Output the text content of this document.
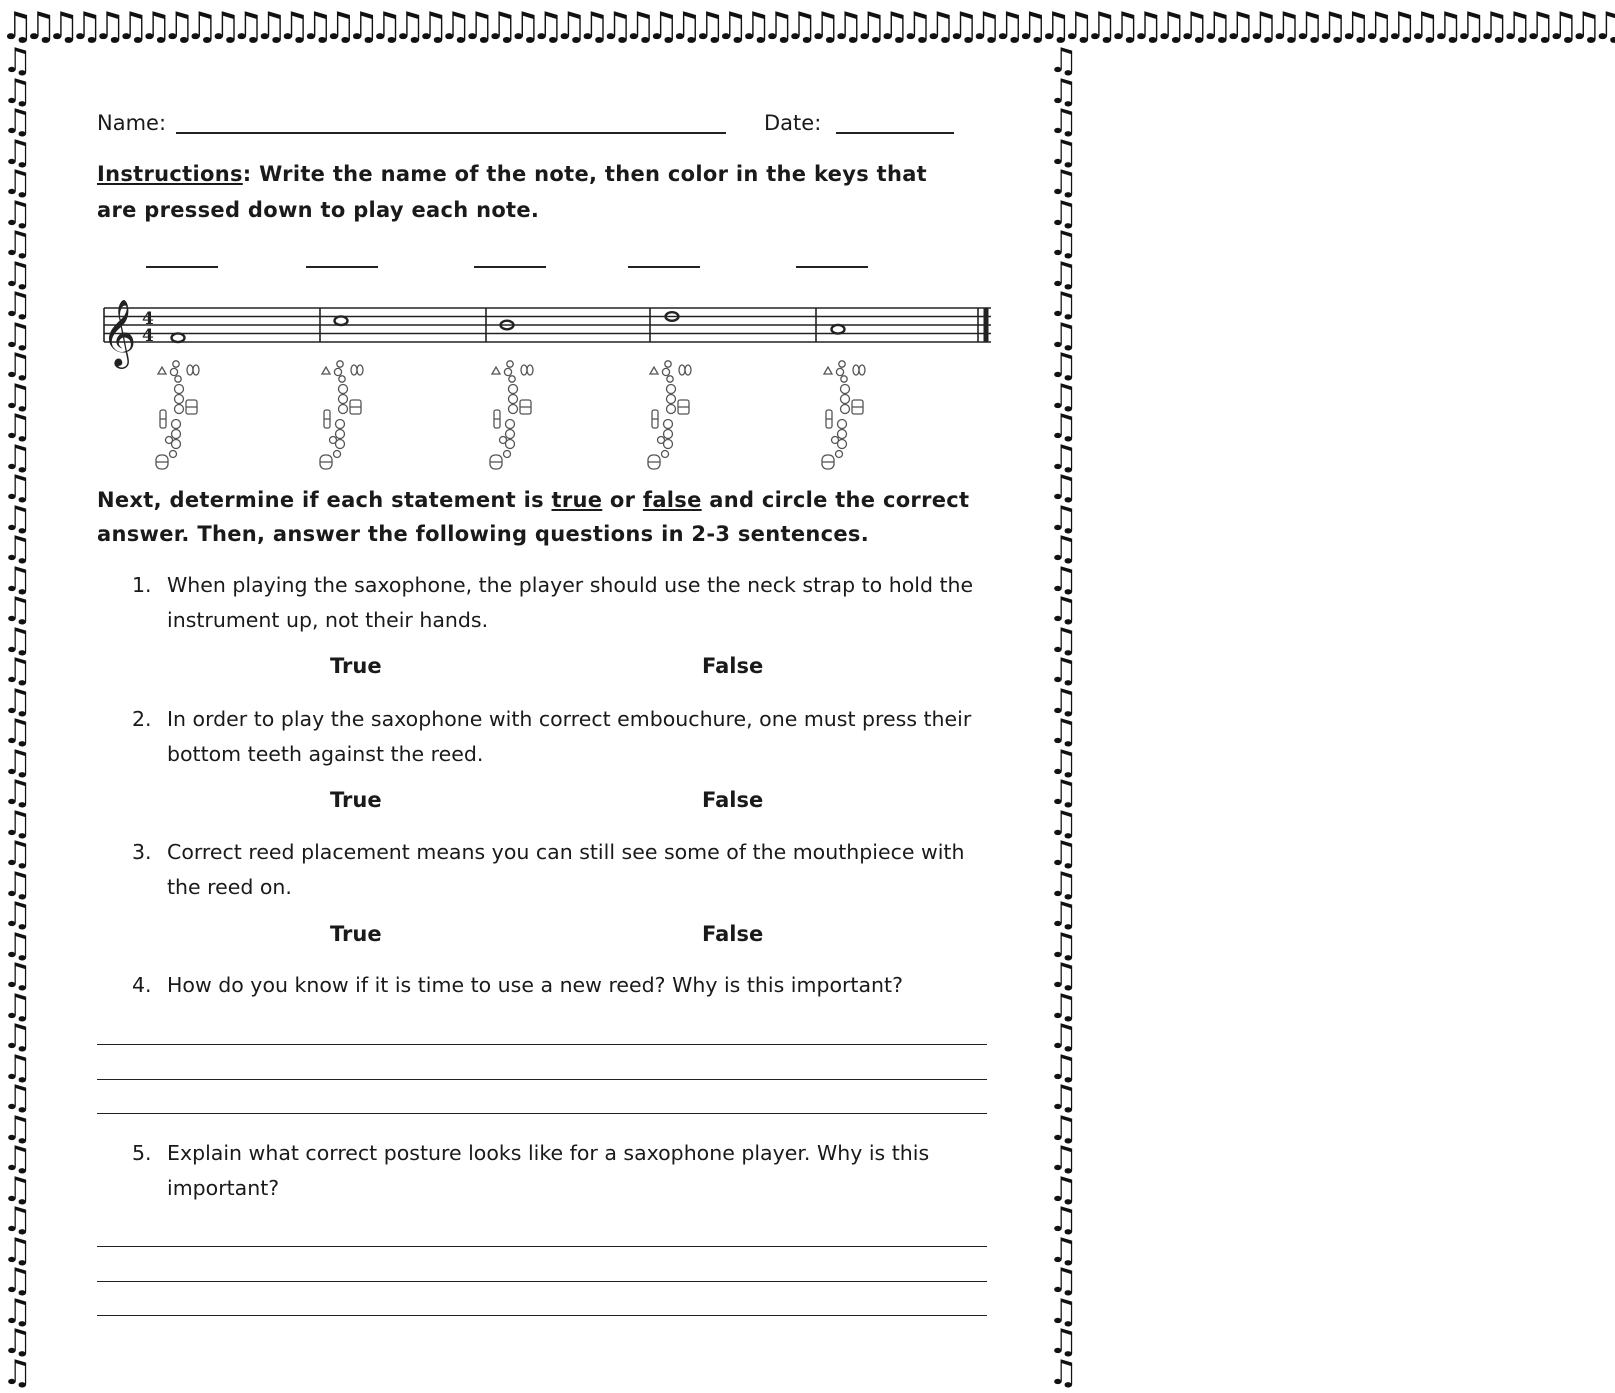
♫♫♫♫♫♫♫♫♫♫♫♫♫♫♫♫♫♫♫♫♫♫♫♫♫♫♫♫♫♫♫♫♫♫♫♫♫♫♫♫♫♫♫♫♫♫♫♫♫♫♫♫♫♫♫♫♫♫♫♫♫♫♫♫♫♫♫♫♫♫
♫ ♫ ♫ ♫ ♫ ♫ ♫ ♫ ♫ ♫ ♫ ♫ ♫ ♫ ♫ ♫ ♫ ♫ ♫ ♫ ♫ ♫ ♫ ♫ ♫ ♫ ♫ ♫ ♫ ♫ ♫ ♫ ♫ ♫ ♫ ♫ ♫ ♫ ♫ ♫ ♫ ♫ ♫ ♫
♫ ♫ ♫ ♫ ♫ ♫ ♫ ♫ ♫ ♫ ♫ ♫ ♫ ♫ ♫ ♫ ♫ ♫ ♫ ♫ ♫ ♫ ♫ ♫ ♫ ♫ ♫ ♫ ♫ ♫ ♫ ♫ ♫ ♫ ♫ ♫ ♫ ♫ ♫ ♫ ♫ ♫ ♫ ♫
Name:	Date:
Instructions: Write the name of the note, then color in the keys that are pressed down to play each note.
𝄞 4
4
Next, determine if each statement is true or false and circle the correct answer. Then, answer the following questions in 2-3 sentences.
1. When playing the saxophone, the player should use the neck strap to hold the instrument up, not their hands.
True	False
2. In order to play the saxophone with correct embouchure, one must press their bottom teeth against the reed.
True	False
3. Correct reed placement means you can still see some of the mouthpiece with the reed on.
True	False
4. How do you know if it is time to use a new reed? Why is this important?
5. Explain what correct posture looks like for a saxophone player. Why is this important?
